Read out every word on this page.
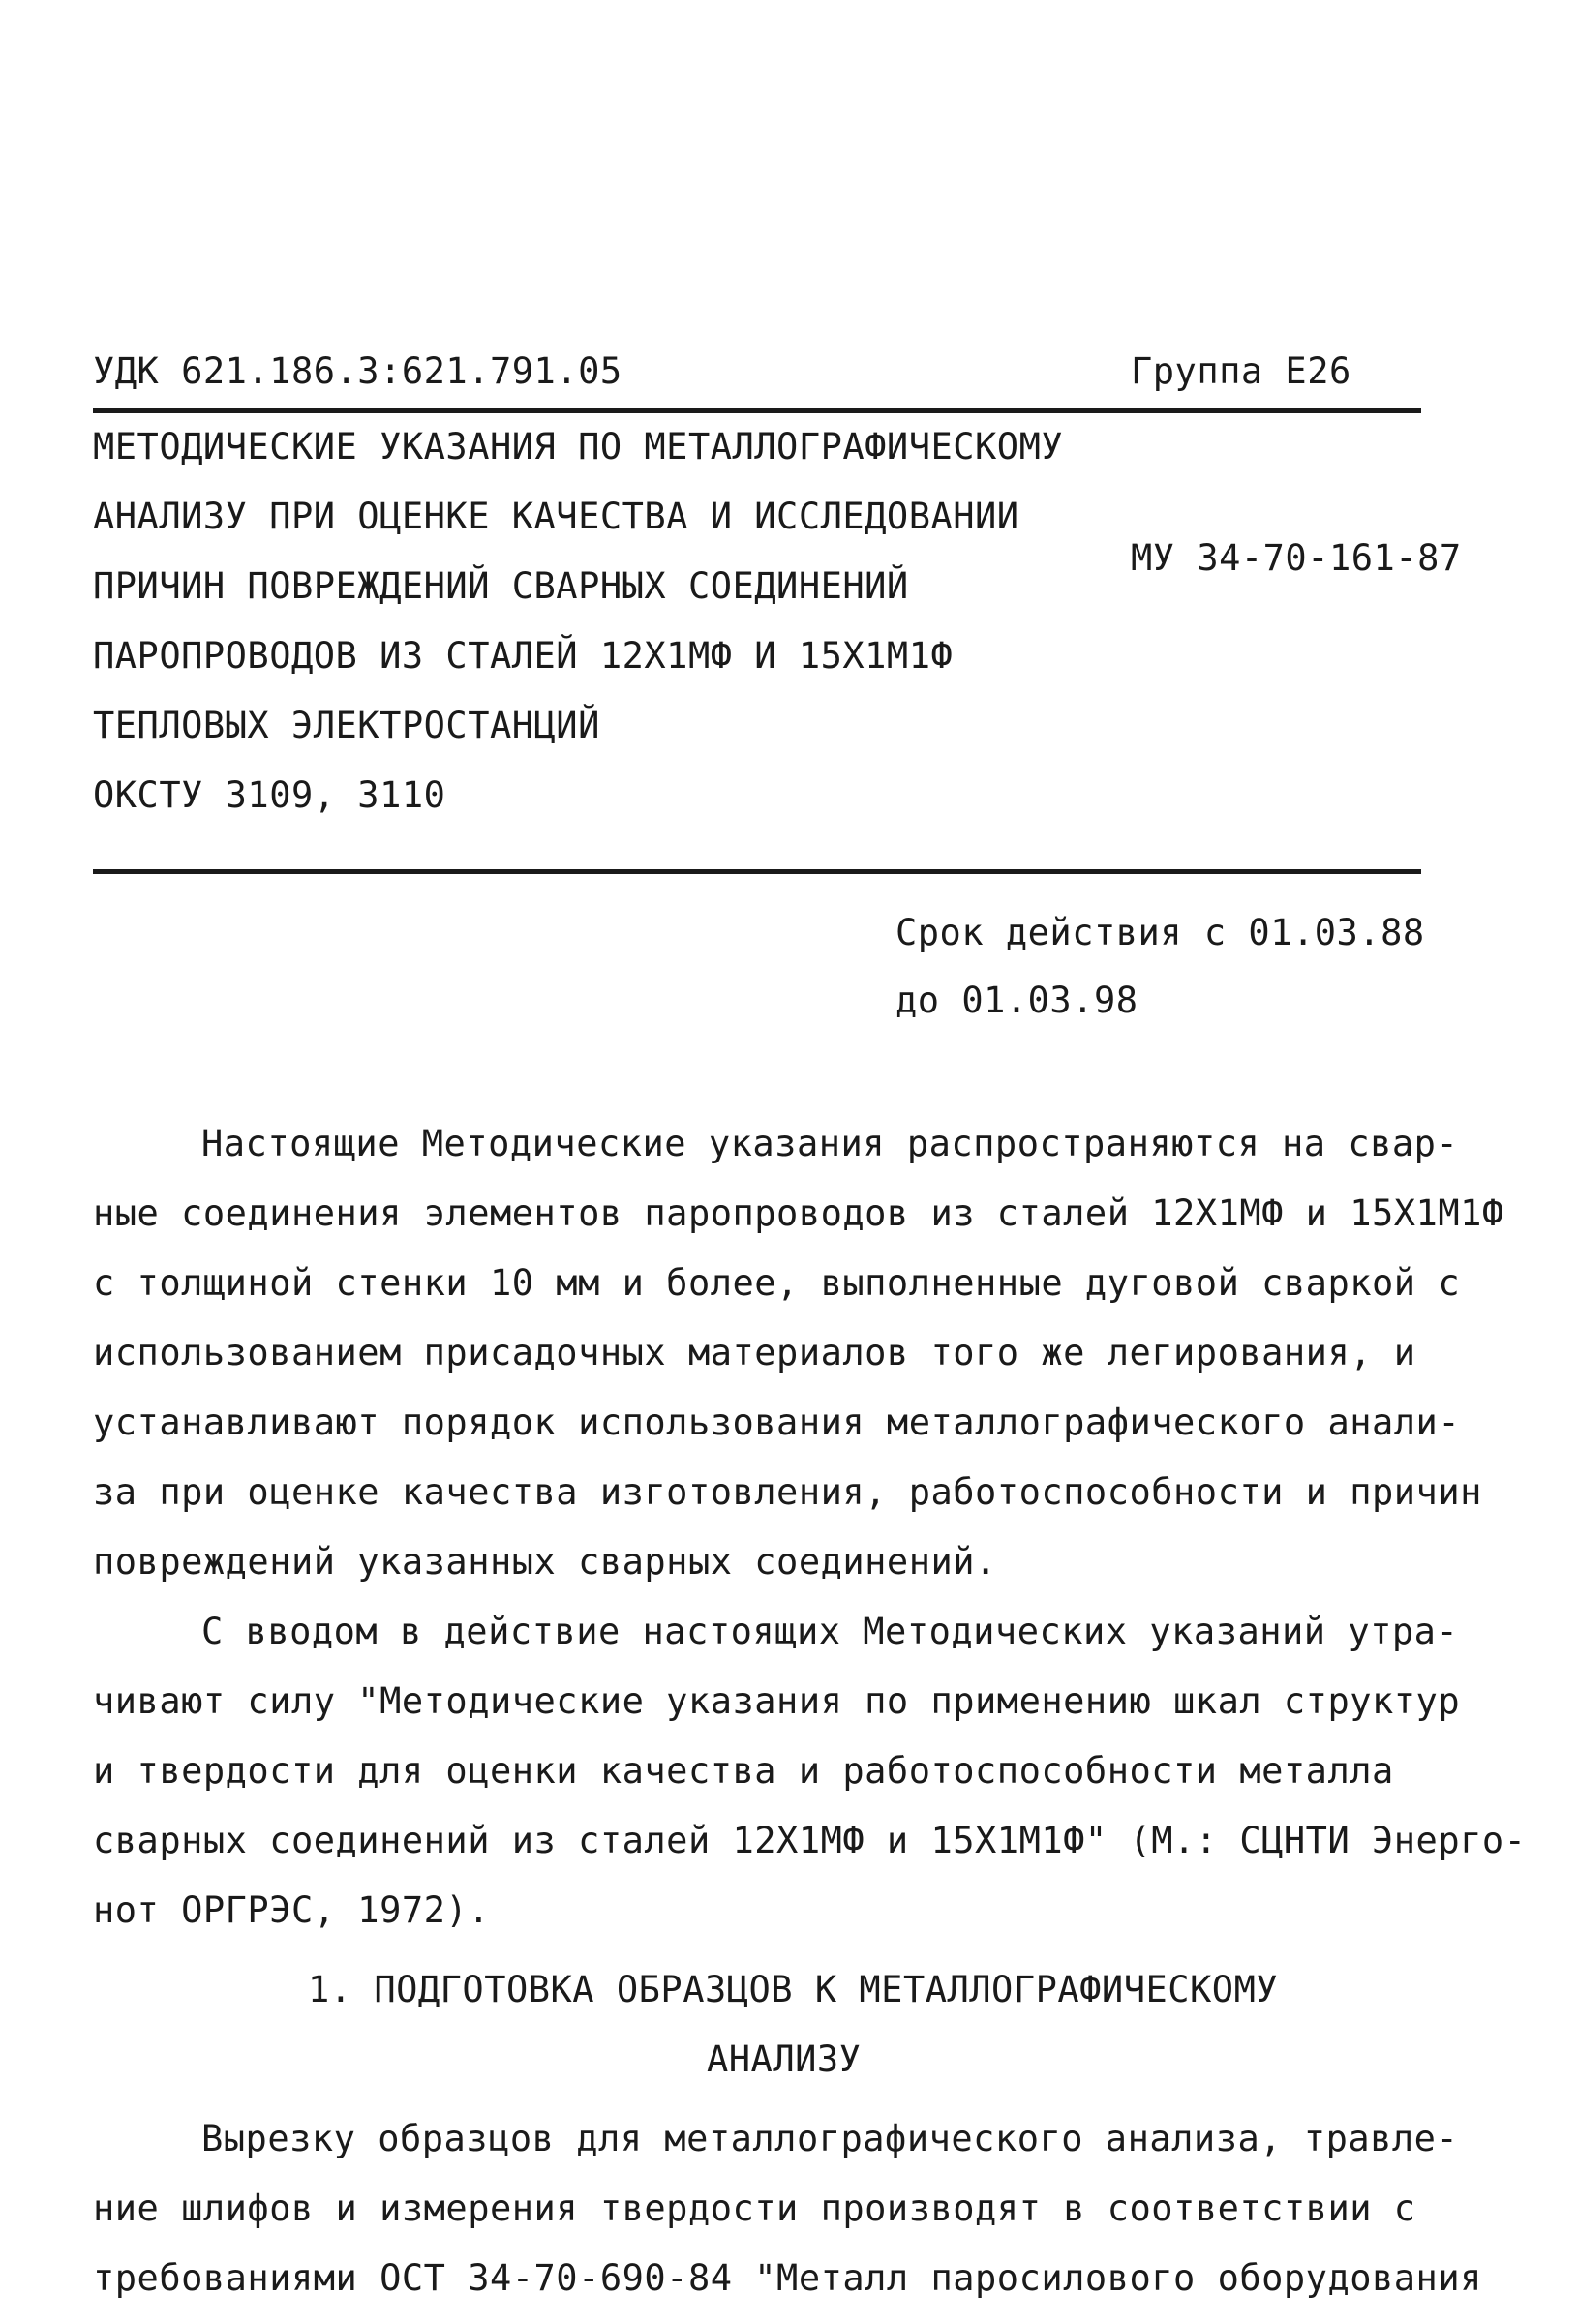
УДК 621.186.3:621.791.05	Группа Е26
МЕТОДИЧЕСКИЕ УКАЗАНИЯ ПО МЕТАЛЛОГРАФИЧЕСКОМУ
АНАЛИЗУ ПРИ ОЦЕНКЕ КАЧЕСТВА И ИССЛЕДОВАНИИ
ПРИЧИН ПОВРЕЖДЕНИЙ СВАРНЫХ СОЕДИНЕНИЙ
ПАРОПРОВОДОВ ИЗ СТАЛЕЙ 12Х1МФ И 15Х1М1Ф
ТЕПЛОВЫХ ЭЛЕКТРОСТАНЦИЙ
ОКСТУ 3109, 3110
МУ 34-70-161-87
Срок действия с 01.03.88
до 01.03.98
Настоящие Методические указания распространяются на свар-
ные соединения элементов паропроводов из сталей 12Х1МФ и 15Х1М1Ф
с толщиной стенки 10 мм и более, выполненные дуговой сваркой с
использованием присадочных материалов того же легирования, и
устанавливают порядок использования металлографического анали-
за при оценке качества изготовления, работоспособности и причин
повреждений указанных сварных соединений.
С вводом в действие настоящих Методических указаний утра-
чивают силу "Методические указания по применению шкал структур
и твердости для оценки качества и работоспособности металла
сварных соединений из сталей 12Х1МФ и 15Х1М1Ф" (М.: СЦНТИ Энерго-
нот ОРГРЭС, 1972).
1. ПОДГОТОВКА ОБРАЗЦОВ К МЕТАЛЛОГРАФИЧЕСКОМУ
АНАЛИЗУ
Вырезку образцов для металлографического анализа, травле-
ние шлифов и измерения твердости производят в соответствии с
требованиями ОСТ 34-70-690-84 "Металл паросилового оборудования
